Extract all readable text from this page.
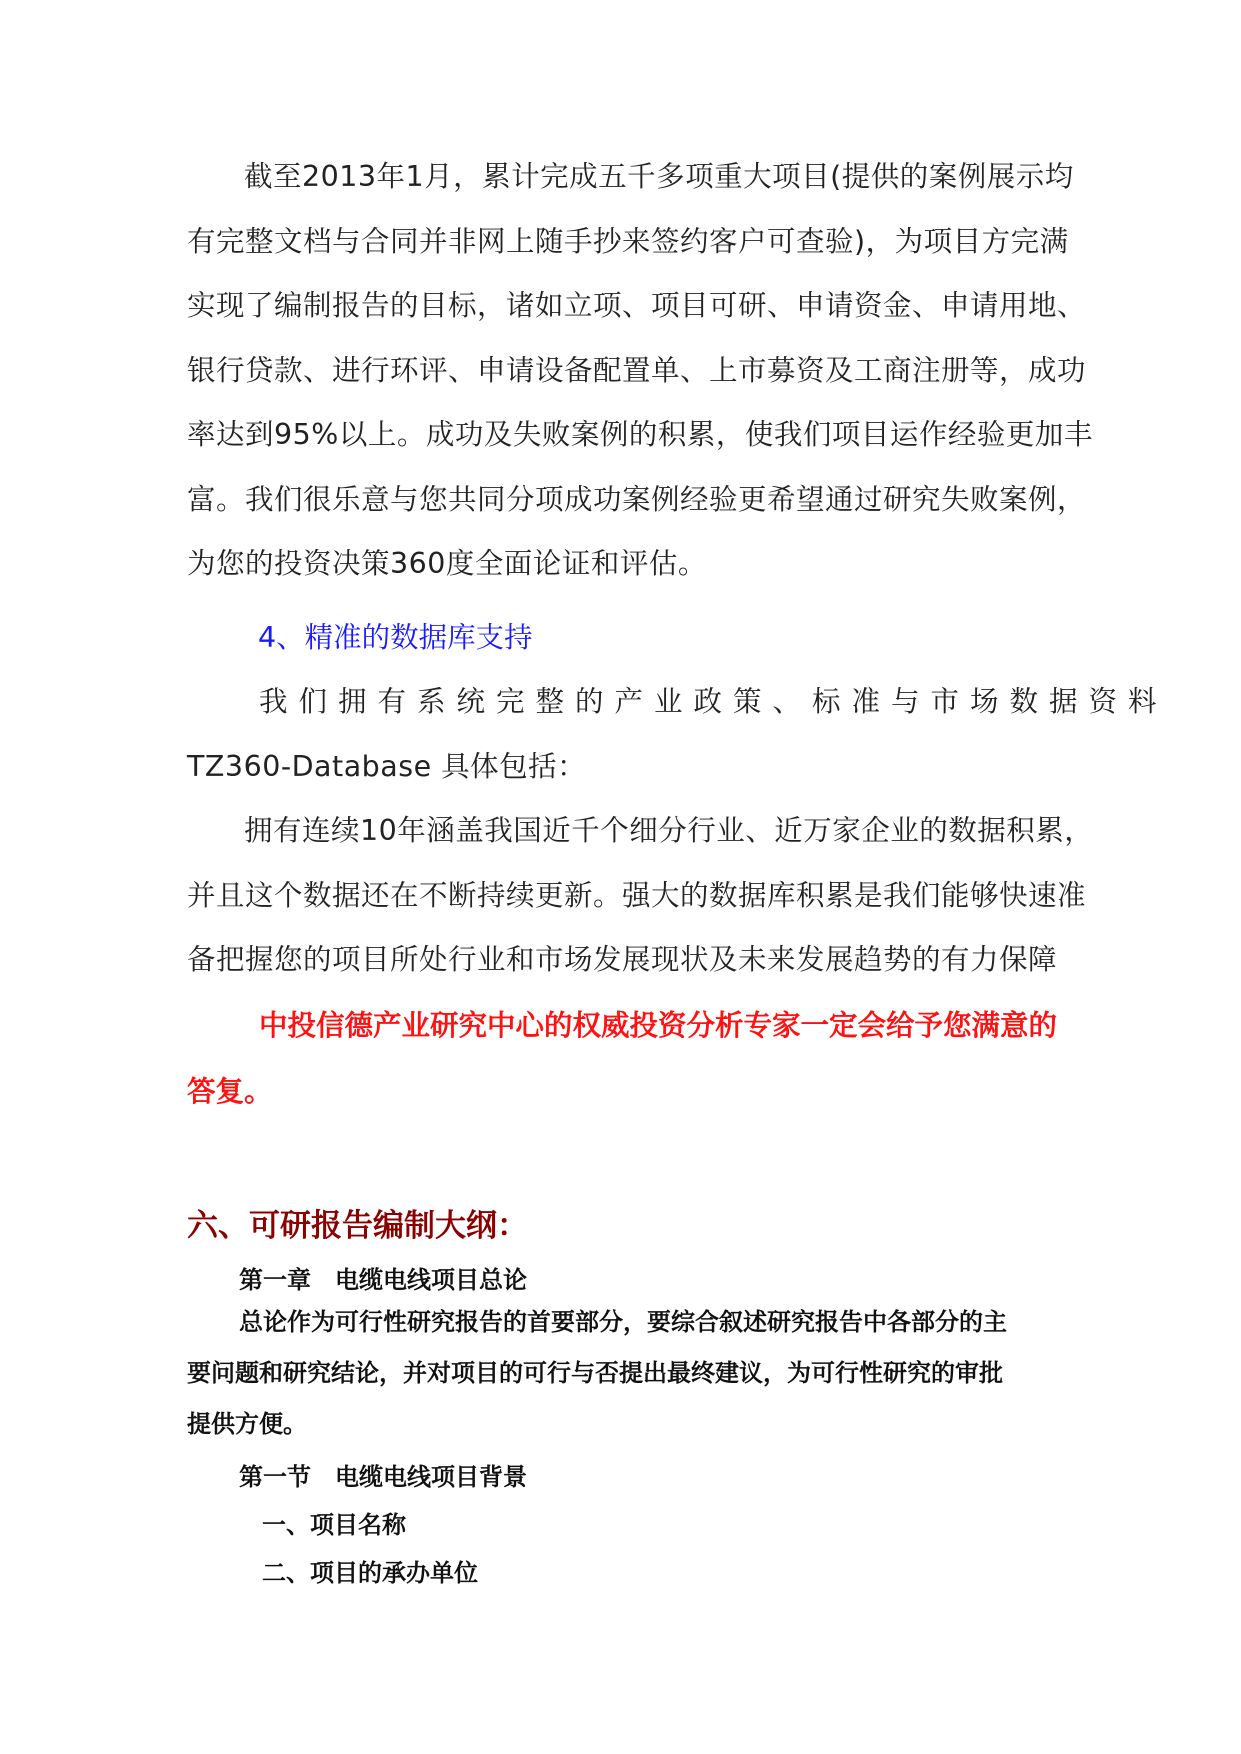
截至2013年1月，累计完成五千多项重大项目(提供的案例展示均
有完整文档与合同并非网上随手抄来签约客户可查验)，为项目方完满
实现了编制报告的目标，诸如立项、项目可研、申请资金、申请用地、
银行贷款、进行环评、申请设备配置单、上市募资及工商注册等，成功
率达到95%以上。成功及失败案例的积累，使我们项目运作经验更加丰
富。我们很乐意与您共同分项成功案例经验更希望通过研究失败案例，
为您的投资决策360度全面论证和评估。

4、精准的数据库支持

我们拥有系统完整的产业政策、标准与市场数据资料
TZ360-Database 具体包括：
拥有连续10年涵盖我国近千个细分行业、近万家企业的数据积累，
并且这个数据还在不断持续更新。强大的数据库积累是我们能够快速准
备把握您的项目所处行业和市场发展现状及未来发展趋势的有力保障
中投信德产业研究中心的权威投资分析专家一定会给予您满意的
答复。

六、可研报告编制大纲：

第一章　电缆电线项目总论

总论作为可行性研究报告的首要部分，要综合叙述研究报告中各部分的主
要问题和研究结论，并对项目的可行与否提出最终建议，为可行性研究的审批
提供方便。

第一节　电缆电线项目背景

一、项目名称

二、项目的承办单位
